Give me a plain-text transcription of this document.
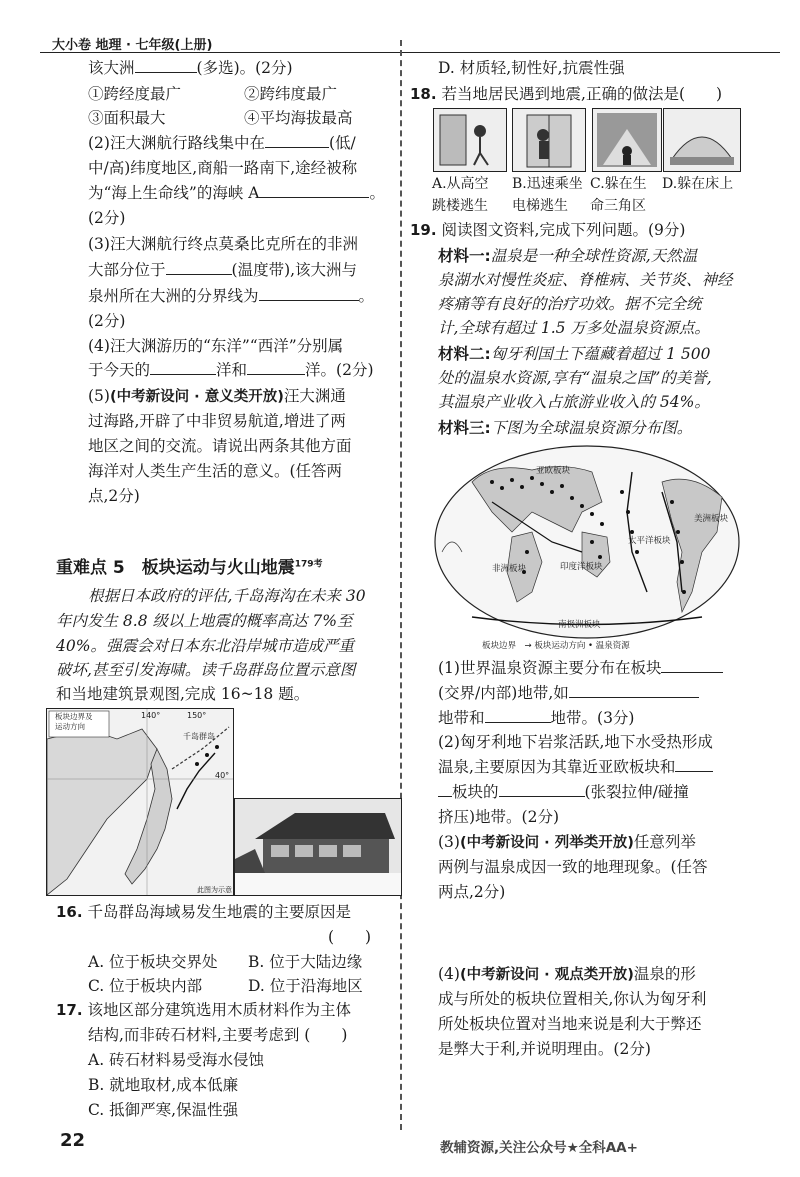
大小卷 地理 · 七年级(上册)
该大洲	(多选)。(2分)
①跨经度最广	②跨纬度最广
③面积最大	④平均海拔最高
(2)汪大渊航行路线集中在	(低/
中/高)纬度地区,商船一路南下,途经被称
为“海上生命线”的海峡 A	。
(2分)
(3)汪大渊航行终点莫桑比克所在的非洲
大部分位于	(温度带),该大洲与
泉州所在大洲的分界线为	。
(2分)
(4)汪大渊游历的“东洋”“西洋”分别属
于今天的	洋和	洋。(2分)
(5)(中考新设问 · 意义类开放)汪大渊通
过海路,开辟了中非贸易航道,增进了两
地区之间的交流。请说出两条其他方面
海洋对人类生产生活的意义。(任答两
点,2分)
重难点 5　板块运动与火山地震$^{179考}$
根据日本政府的评估,千岛海沟在未来 30
年内发生 8.8 级以上地震的概率高达 7%至
40%。强震会对日本东北沿岸城市造成严重
破坏,甚至引发海啸。读千岛群岛位置示意图
和当地建筑景观图,完成 16~18 题。
板块边界及
运动方向
140°
千岛群岛
150°
40°
此图为示意
16. 千岛群岛海域易发生地震的主要原因是
(　　)
A. 位于板块交界处 B. 位于大陆边缘
C. 位于板块内部	D. 位于沿海地区
17. 该地区部分建筑选用木质材料作为主体
结构,而非砖石材料,主要考虑到 (　　)
A. 砖石材料易受海水侵蚀
B. 就地取材,成本低廉
C. 抵御严寒,保温性强
D. 材质轻,韧性好,抗震性强
18. 若当地居民遇到地震,正确的做法是(　　)
A.从高空
跳楼逃生
B.迅速乘坐
电梯逃生
C.躲在生
命三角区
D.躲在床上
19. 阅读图文资料,完成下列问题。(9分)
材料一:温泉是一种全球性资源,天然温
泉湖水对慢性炎症、脊椎病、关节炎、神经
疼痛等有良好的治疗功效。据不完全统
计,全球有超过 1.5 万多处温泉资源点。
材料二:匈牙利国土下蕴藏着超过 1 500
处的温泉水资源,享有“温泉之国”的美誉,
其温泉产业收入占旅游业收入的 54%。
材料三:下图为全球温泉资源分布图。
太平洋板块
亚欧板块
印度洋板块
非洲板块
美洲板块
南极洲板块
板块边界　→ 板块运动方向 • 温泉资源
(1)世界温泉资源主要分布在板块
(交界/内部)地带,如
地带和	地带。(3分)
(2)匈牙利地下岩浆活跃,地下水受热形成
温泉,主要原因为其靠近亚欧板块和
板块的	(张裂拉伸/碰撞
挤压)地带。(2分)
(3)(中考新设问 · 列举类开放)任意列举
两例与温泉成因一致的地理现象。(任答
两点,2分)
(4)(中考新设问 · 观点类开放)温泉的形
成与所处的板块位置相关,你认为匈牙利
所处板块位置对当地来说是利大于弊还
是弊大于利,并说明理由。(2分)
22	教辅资源,关注公众号★全科AA+
